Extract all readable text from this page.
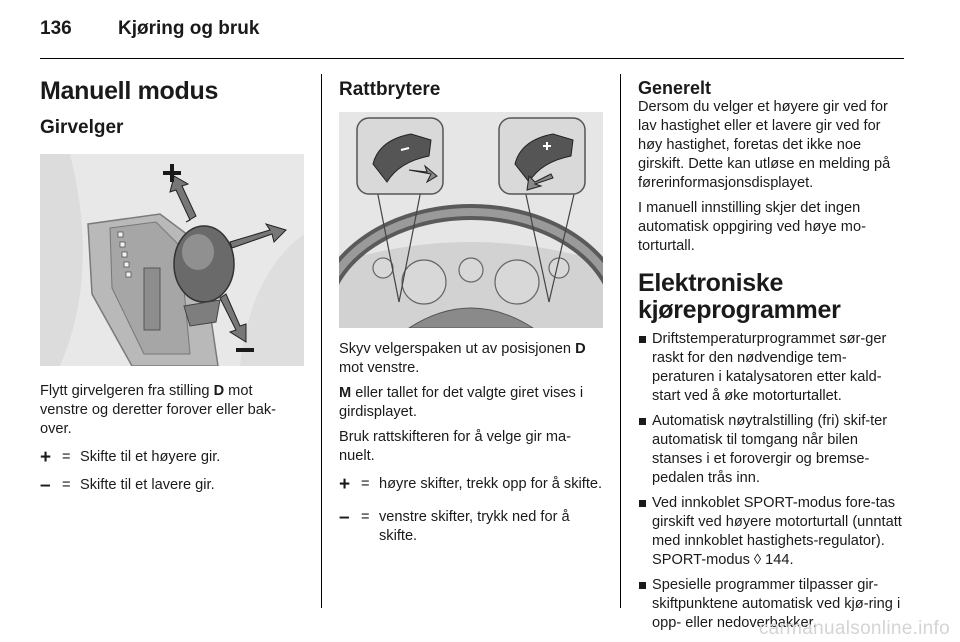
136 Kjøring og bruk
Manuell modus
Girvelger

Flytt girvelgeren fra stilling D mot venstre og deretter forover eller bak-over.

+ = Skifte til et høyere gir.
– = Skifte til et lavere gir.
Rattbrytere

Skyv velgerspaken ut av posisjonen D mot venstre.

M eller tallet for det valgte giret vises i girdisplayet.

Bruk rattskifteren for å velge gir ma-nuelt.

+ = høyre skifter, trekk opp for å skifte.
– = venstre skifter, trykk ned for å skifte.
Generelt

Dersom du velger et høyere gir ved for lav hastighet eller et lavere gir ved for høy hastighet, foretas det ikke noe girskift. Dette kan utløse en melding på førerinformasjonsdisplayet.

I manuell innstilling skjer det ingen automatisk oppgiring ved høye mo-torturtall.

Elektroniske kjøreprogrammer
Driftstemperaturprogrammet sør-ger raskt for den nødvendige tem-peraturen i katalysatoren etter kald-start ved å øke motorturtallet.
Automatisk nøytralstilling (fri) skif-ter automatisk til tomgang når bilen stanses i et forovergir og bremse-pedalen trås inn.
Ved innkoblet SPORT-modus fore-tas girskift ved høyere motorturtall (unntatt med innkoblet hastighets-regulator). SPORT-modus ◊ 144.
Spesielle programmer tilpasser gir-skiftpunktene automatisk ved kjø-ring i opp- eller nedoverbakker.
carmanualsonline.info
